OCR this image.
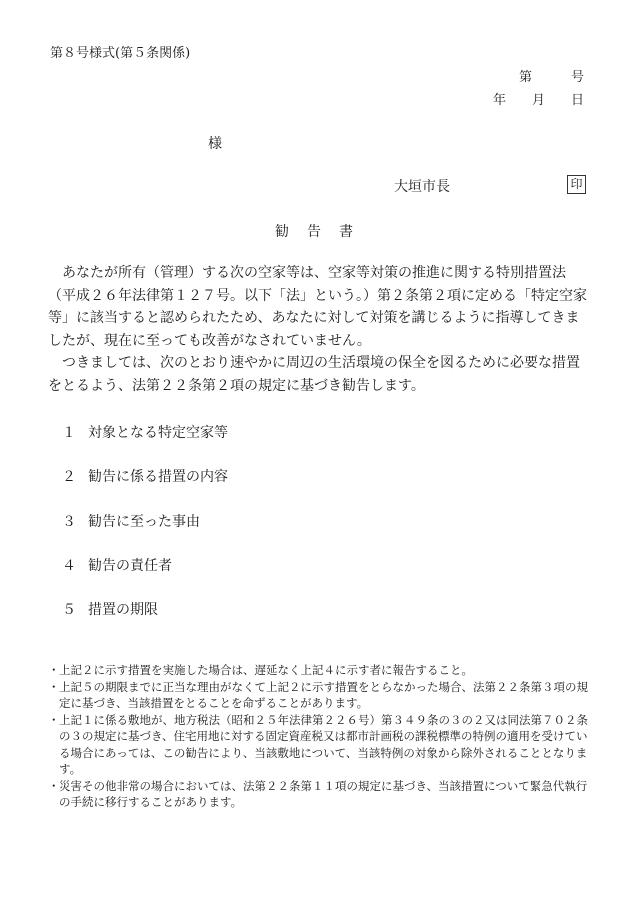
第８号様式(第５条関係)
第　　　号
年　　月　　日
様
大垣市長	印
勧　告　書

あなたが所有（管理）する次の空家等は、空家等対策の推進に関する特別措置法（平成２６年法律第１２７号。以下「法」という。）第２条第２項に定める「特定空家等」に該当すると認められたため、あなたに対して対策を講じるように指導してきましたが、現在に至っても改善がなされていません。

つきましては、次のとおり速やかに周辺の生活環境の保全を図るために必要な措置をとるよう、法第２２条第２項の規定に基づき勧告します。

１ 対象となる特定空家等
２ 勧告に係る措置の内容
３ 勧告に至った事由
４ 勧告の責任者
５ 措置の期限

・ 上記２に示す措置を実施した場合は、遅延なく上記４に示す者に報告すること。

・ 上記５の期限までに正当な理由がなくて上記２に示す措置をとらなかった場合、法第２２条第３項の規定に基づき、当該措置をとることを命ずることがあります。

・ 上記１に係る敷地が、地方税法（昭和２５年法律第２２６号）第３４９条の３の２又は同法第７０２条の３の規定に基づき、住宅用地に対する固定資産税又は都市計画税の課税標準の特例の適用を受けている場合にあっては、この勧告により、当該敷地について、当該特例の対象から除外されることとなります。

・ 災害その他非常の場合においては、法第２２条第１１項の規定に基づき、当該措置について緊急代執行の手続に移行することがあります。
